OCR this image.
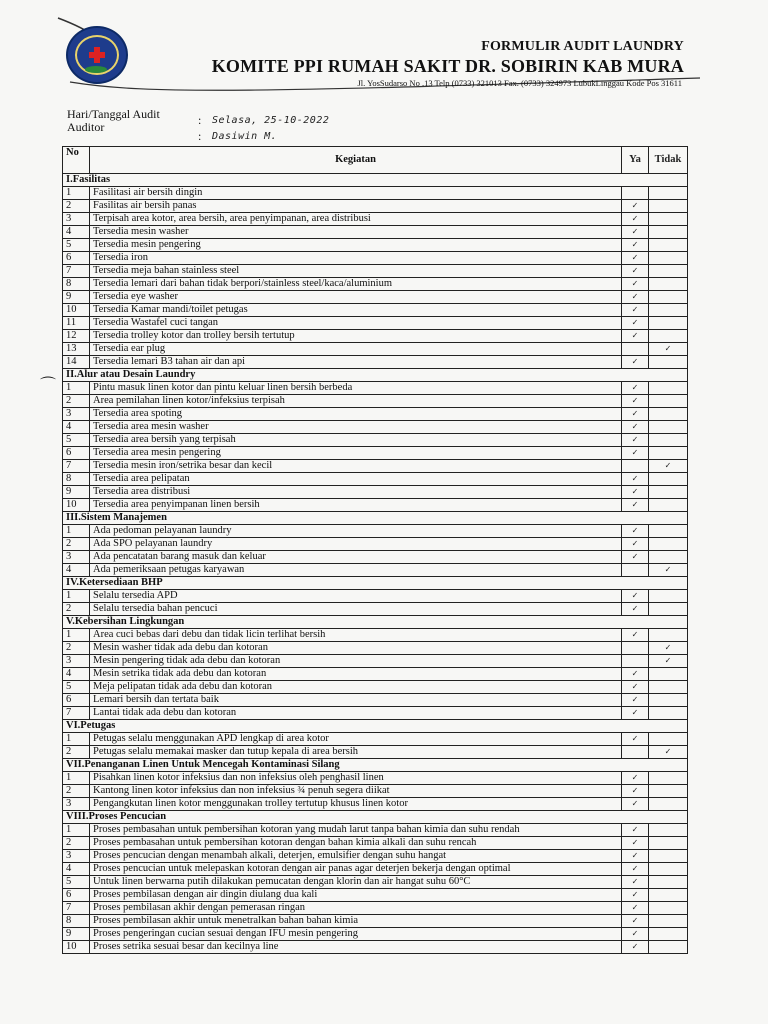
FORMULIR AUDIT LAUNDRY
KOMITE PPI RUMAH SAKIT DR. SOBIRIN KAB MURA
Jl. YosSudarso No .13 Telp (0733) 321013 Fax. (0733) 324973 LubukLinggau Kode Pos 31611
Hari/Tanggal Audit
Auditor	:
:
Selasa, 25-10-2022
Dasiwin M.
⌒
No	Kegiatan	Ya	Tidak
I.Fasilitas			
1	Fasilitasi air bersih dingin		
2	Fasilitas air bersih panas	✓	
3	Terpisah area kotor, area bersih, area penyimpanan, area distribusi	✓	
4	Tersedia mesin washer	✓	
5	Tersedia mesin pengering	✓	
6	Tersedia iron	✓	
7	Tersedia meja bahan stainless steel	✓	
8	Tersedia lemari dari bahan tidak berpori/stainless steel/kaca/aluminium	✓	
9	Tersedia eye washer	✓	
10	Tersedia Kamar mandi/toilet petugas	✓	
11	Tersedia Wastafel cuci tangan	✓	
12	Tersedia trolley kotor dan trolley bersih tertutup	✓	
13	Tersedia ear plug		✓
14	Tersedia lemari B3 tahan air dan api	✓	
II.Alur atau Desain Laundry			
1	Pintu masuk linen kotor dan pintu keluar linen bersih berbeda	✓	
2	Area pemilahan linen kotor/infeksius terpisah	✓	
3	Tersedia area spoting	✓	
4	Tersedia area mesin washer	✓	
5	Tersedia area bersih yang terpisah	✓	
6	Tersedia area mesin pengering	✓	
7	Tersedia mesin iron/setrika besar dan kecil		✓
8	Tersedia area pelipatan	✓	
9	Tersedia area distribusi	✓	
10	Tersedia area penyimpanan linen bersih	✓	
III.Sistem Manajemen			
1	Ada pedoman pelayanan laundry	✓	
2	Ada SPO pelayanan laundry	✓	
3	Ada pencatatan barang masuk dan keluar	✓	
4	Ada pemeriksaan petugas karyawan		✓
IV.Ketersediaan BHP			
1	Selalu tersedia APD	✓	
2	Selalu tersedia bahan pencuci	✓	
V.Kebersihan Lingkungan			
1	Area cuci bebas dari debu dan tidak licin terlihat bersih	✓	
2	Mesin washer tidak ada debu dan kotoran		✓
3	Mesin pengering tidak ada debu dan kotoran		✓
4	Mesin setrika tidak ada debu dan kotoran	✓	
5	Meja pelipatan tidak ada debu dan kotoran	✓	
6	Lemari bersih dan tertata baik	✓	
7	Lantai tidak ada debu dan kotoran	✓	
VI.Petugas			
1	Petugas selalu menggunakan APD lengkap di area kotor	✓	
2	Petugas selalu memakai masker dan tutup kepala di area bersih		✓
VII.Penanganan Linen Untuk Mencegah Kontaminasi Silang			
1	Pisahkan linen kotor infeksius dan non infeksius oleh penghasil linen	✓	
2	Kantong linen kotor infeksius dan non infeksius ¾ penuh segera diikat	✓	
3	Pengangkutan linen kotor menggunakan trolley tertutup khusus linen kotor	✓	
VIII.Proses Pencucian			
1	Proses pembasahan untuk pembersihan kotoran yang mudah larut tanpa bahan kimia dan suhu rendah	✓	
2	Proses pembasahan untuk pembersihan kotoran dengan bahan kimia alkali dan suhu rencah	✓	
3	Proses pencucian dengan menambah alkali, deterjen, emulsifier dengan suhu hangat	✓	
4	Proses pencucian untuk melepaskan kotoran dengan air panas agar deterjen bekerja dengan optimal	✓	
5	Untuk linen berwarna putih dilakukan pemucatan dengan klorin dan air hangat suhu 60°C	✓	
6	Proses pembilasan dengan air dingin diulang dua kali	✓	
7	Proses pembilasan akhir dengan pemerasan ringan	✓	
8	Proses pembilasan akhir untuk menetralkan bahan bahan kimia	✓	
9	Proses pengeringan cucian sesuai dengan IFU mesin pengering	✓	
10	Proses setrika sesuai besar dan kecilnya line	✓	
